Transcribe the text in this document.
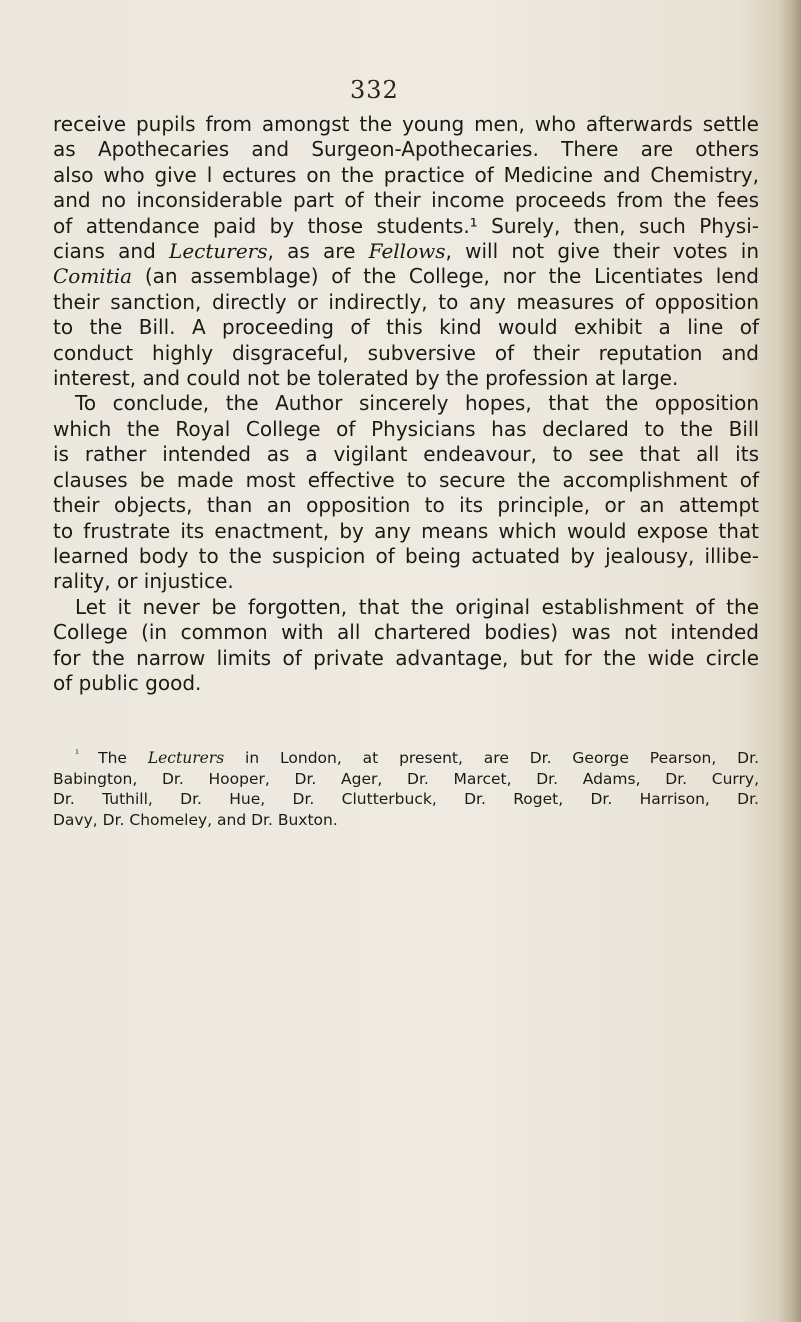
332
receive pupils from amongst the young men, who afterwards settle
as Apothecaries and Surgeon-Apothecaries. There are others
also who give l ectures on the practice of Medicine and Chemistry,
and no inconsiderable part of their income proceeds from the fees
of attendance paid by those students.¹ Surely, then, such Physi-
cians and Lecturers, as are Fellows, will not give their votes in
Comitia (an assemblage) of the College, nor the Licentiates lend
their sanction, directly or indirectly, to any measures of opposition
to the Bill. A proceeding of this kind would exhibit a line of
conduct highly disgraceful, subversive of their reputation and
interest, and could not be tolerated by the profession at large.
To conclude, the Author sincerely hopes, that the opposition
which the Royal College of Physicians has declared to the Bill
is rather intended as a vigilant endeavour, to see that all its
clauses be made most effective to secure the accomplishment of
their objects, than an opposition to its principle, or an attempt
to frustrate its enactment, by any means which would expose that
learned body to the suspicion of being actuated by jealousy, illibe-
rality, or injustice.
Let it never be forgotten, that the original establishment of the
College (in common with all chartered bodies) was not intended
for the narrow limits of private advantage, but for the wide circle
of public good.
$^{^1}$ The Lecturers in London, at present, are Dr. George Pearson, Dr.
Babington, Dr. Hooper, Dr. Ager, Dr. Marcet, Dr. Adams, Dr. Curry,
Dr. Tuthill, Dr. Hue, Dr. Clutterbuck, Dr. Roget, Dr. Harrison, Dr.
Davy, Dr. Chomeley, and Dr. Buxton.
